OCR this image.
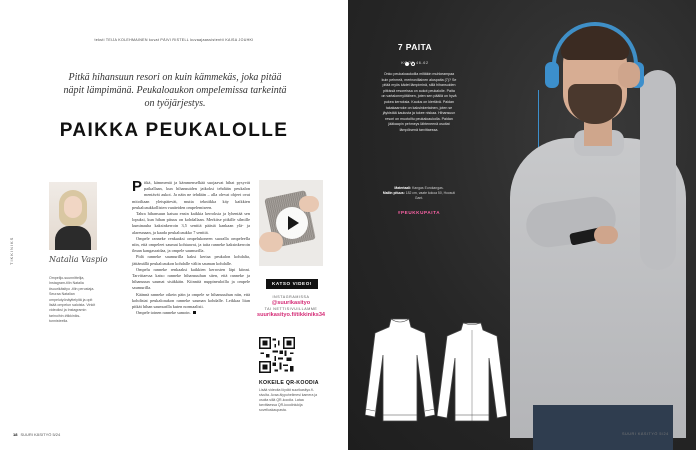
teksti TEIJA KOLEHMAINEN kuvat PÄIVI RISTELL kuvaajaassistentti KAISA JOUHKI
Pitkä hihansuun resori on kuin kämmekäs, joka pitää näpit lämpimänä. Peukaloaukon ompelemissa tarkeintä on työjärjestys.
PAIKKA PEUKALOLLE
TIKKINIKS	Natalia Vaspio
Ompelijo-suunnittelija, Instagram-tilin Natalia #suurikäsityo -tilin perustaja. Seuraa Natalian ompelutyönäyttelyitä ja opit lisää ompelun saloista. Vinkit videoiksi ja Instagramin tarinoihin #tikkiniks-tunnisteella.

Pitkä, kämmentä ja kämmenselkää suojaavat hihat pysyvät paikallaan, kun hihansuiden jatkoksi tehdään peukalon mentävät aukot. Ja näin ne tehdään – alla olevat ohjeet ovat mitoiltaan yleispätevät, mutta tekniikka käy kaikkien peukaloaukkollisten vaatteiden ompelemiseen.

Tahra hihansuun katsaa ensin kaikkia kerroksia ja lyhentää sen lopuksi, kun hihan pituus on kohdallaan. Merkitse pitkille silmille kuminauha kaksinkerroin 3,5 senttiä päästä kankaan ylä- ja alareunaan, ja kaada peukaloaukko 7 senttiä.

Ompele ranneke renkaaksi ompelukoneen suoralla ompeleella niin, että ompeleet saumat kohtaavat, ja taita ranneke kaksinkerroin ilman kangasraidaa, ja ompele saumurilla.

Pidä ranneke saumurilla kaksi kertaa peukalon kohdalta, jättämällä peukaloaukon kohdalle väliin sauman kohdalle.

Ompelu ranneke renkaaksi kaikkien kerrosten läpi kiinni. Tarvittaessa katso ranneke hihansuuhun siten, että ranneke ja hihansuun saumat sisäkkäin. Kiinnitä nuppineuloilla ja ompele saumurilla.

Käännä ranneke oikein päin ja ompele se hihansuuhun niin, että kohdistat peukaloaukon ranneke sauman kohdalle. Leikkaa liian pitkät hihan saumurilla kuten normaalisti.

Ompele toinen ranneke samoin.

KATSO VIDEO!
INSTAGRAMISSA
@suurikasityo
TAI NETTISIVUILLAMME
suurikasityo.fi/tikkiniks34
KOKEILE QR-KOODIA
Lisää videoita löydät suurikasityo.fi-sivulta. Avaa älypuhelimesi kamera ja osoita sillä QR-koodia. Lataa tarvittaessa QR-koodinlukija sovelluskaupasta.
18 SUURI KÄSITYÖ 5/24
7 PAITA
KOOT 46-62
Onko peukaloaukoilla miltäkin muhkeampaa kuin pehmeä, merinovillainen aluspaita (7)? Se pitää myös kädet lämpiminä, sillä hihansuiden pitkissä resoreissa on aukot peukalolle. Paita on vartalonmyötäinen, joten sen päällä on hyvä pukea kerroksia. Kaulus on kiertävä. Paidan takakaarroke on kaksinkertainen, joten se jäykistää kaulusta ja tukee niskaa. Hihansuun resori on muotoiltu peukaloaukolla. Paidan jääkaapin pehmeys lähteneenä osoitat lämpöisenä tarvittaessa.
Materiaali: Kangas Eurokangas.
Mallin pituus: 182 cm, vaate kokoa 50, Hoosuti Gant.
#PEUKKUPAITA
SUURI KÄSITYÖ 5/24
